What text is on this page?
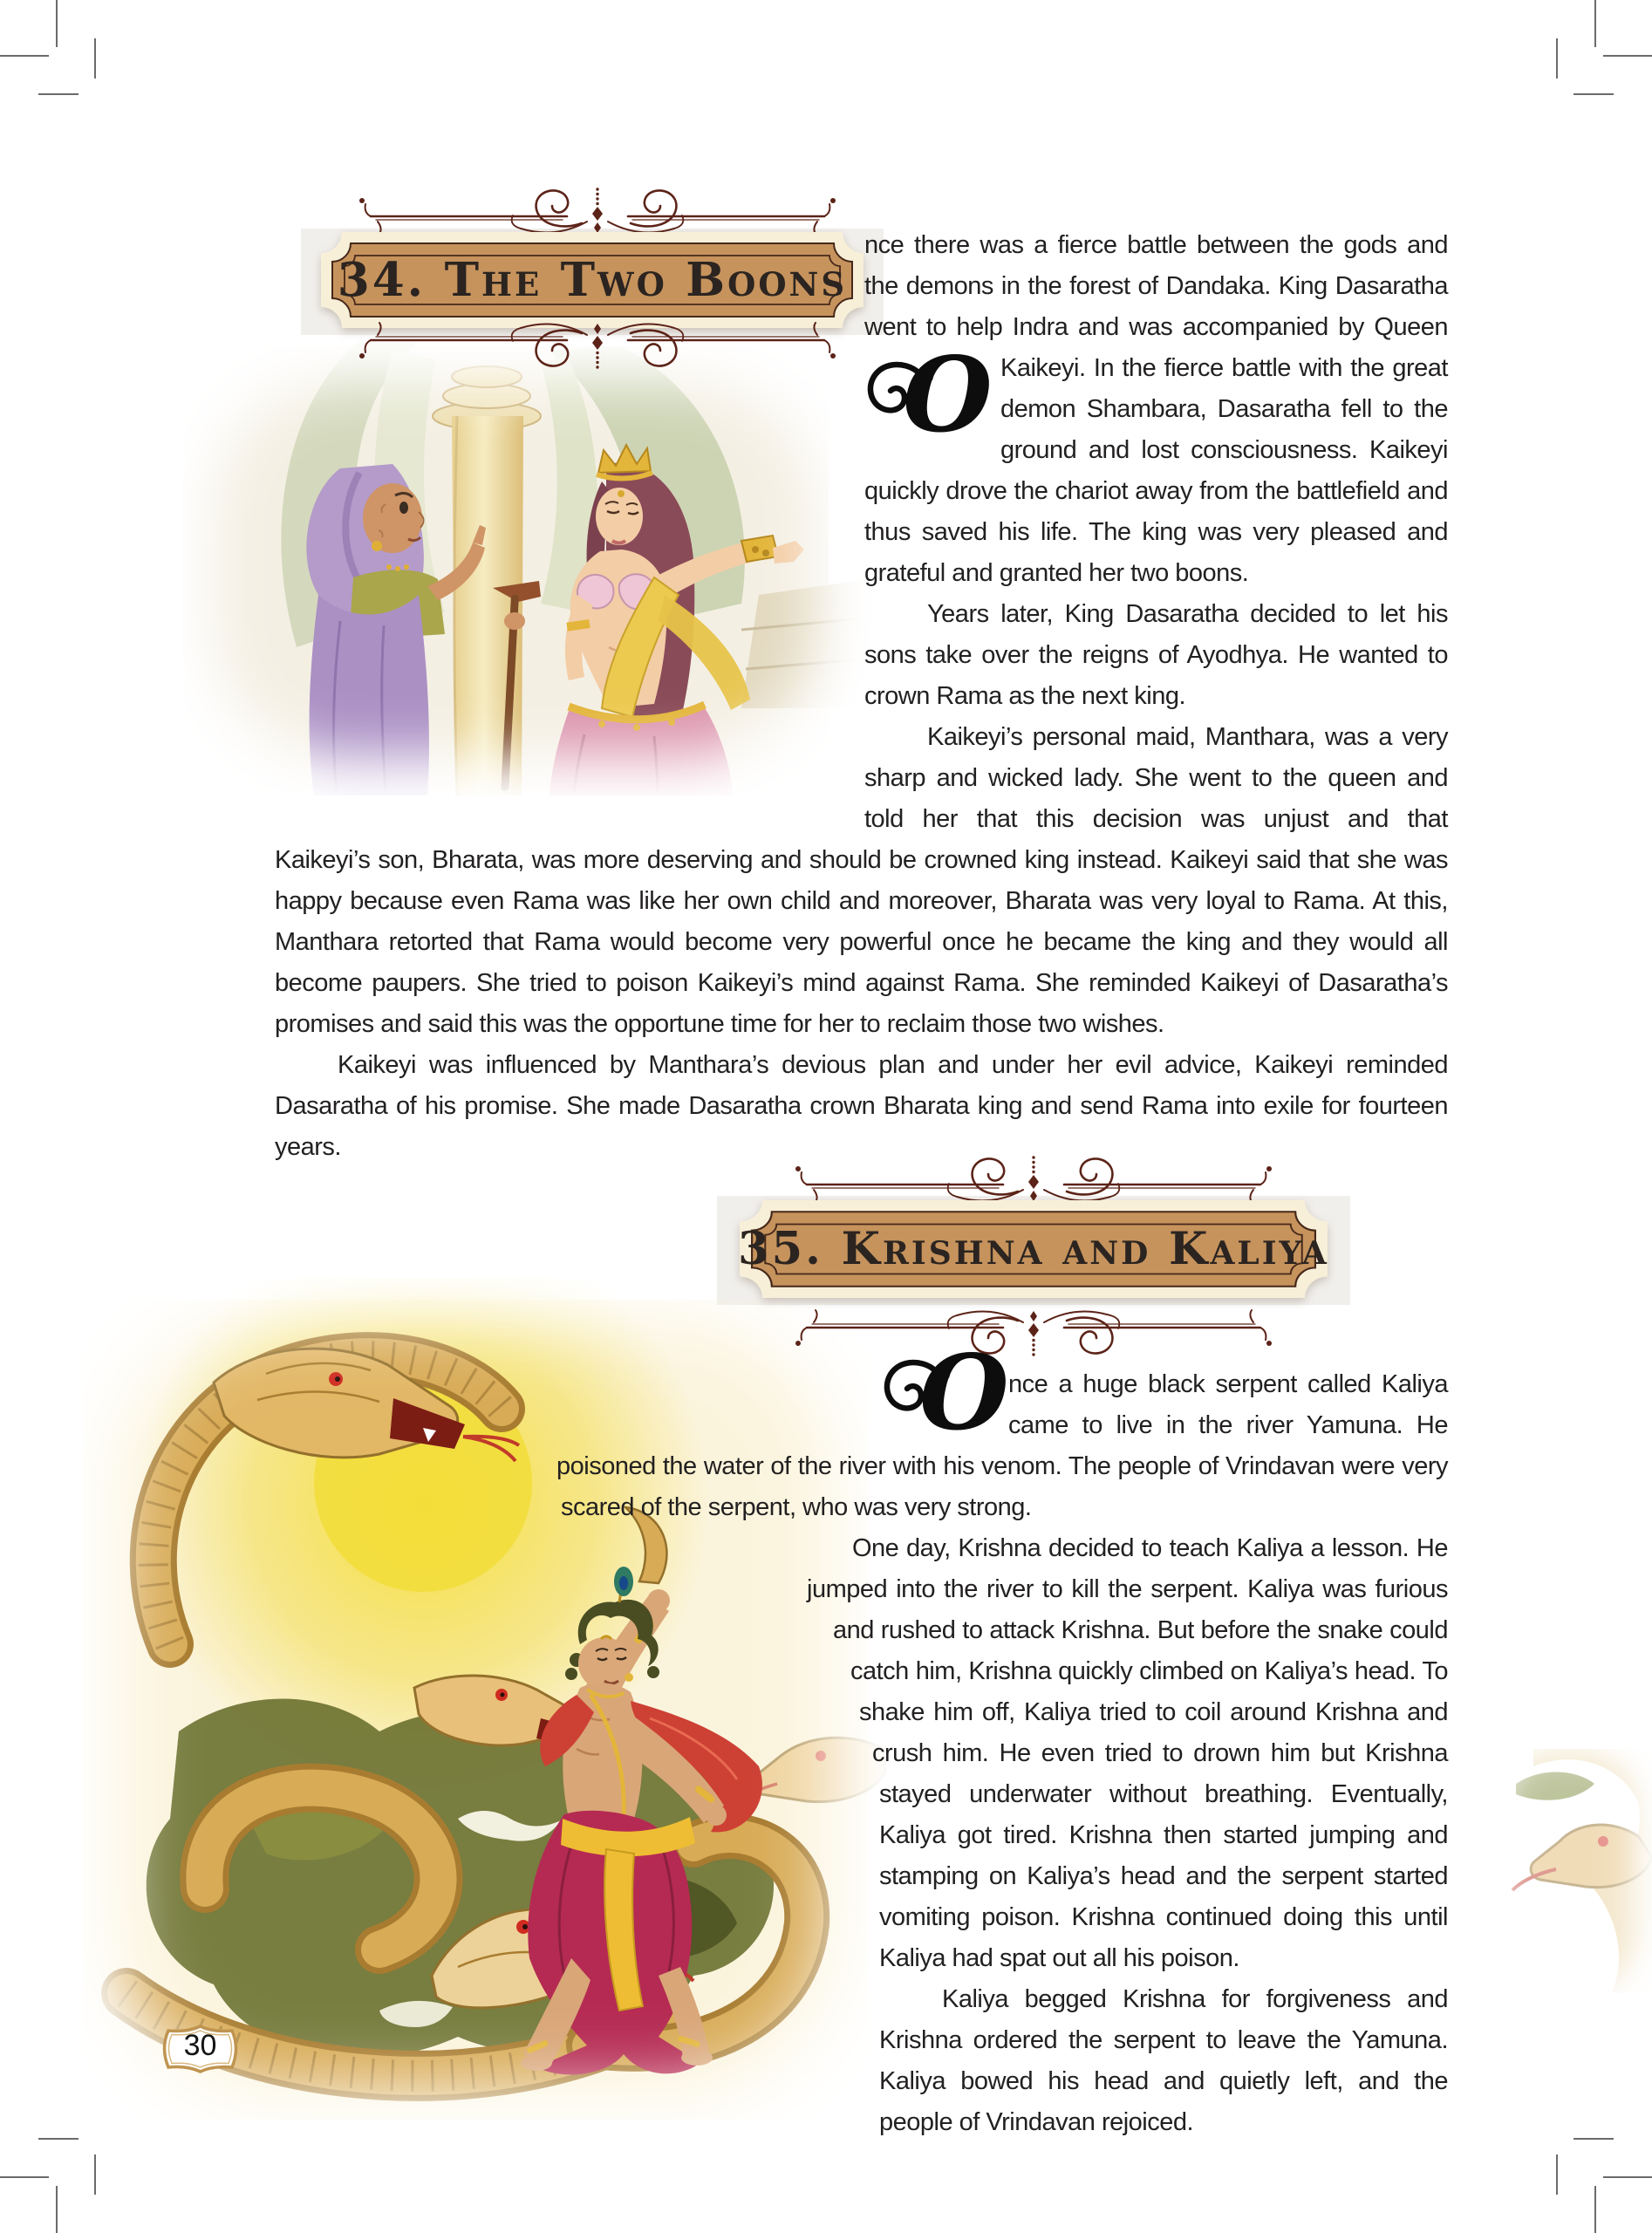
34. The Two Boons

O
nce there was a fierce battle between the gods and the demons in the forest of Dandaka. King Dasaratha went to help Indra and was accompanied by Queen Kaikeyi. In the fierce battle with the great demon Shambara, Dasaratha fell to the ground and lost consciousness. Kaikeyi quickly drove the chariot away from the battlefield and thus saved his life. The king was very pleased and grateful and granted her two boons.

Years later, King Dasaratha decided to let his sons take over the reigns of Ayodhya. He wanted to crown Rama as the next king.

Kaikeyi’s personal maid, Manthara, was a very sharp and wicked lady. She went to the queen and told her that this decision was unjust and that Kaikeyi’s son, Bharata, was more deserving and should be crowned king instead. Kaikeyi said that she was happy because even Rama was like her own child and moreover, Bharata was very loyal to Rama. At this, Manthara retorted that Rama would become very powerful once he became the king and they would all become paupers. She tried to poison Kaikeyi’s mind against Rama. She reminded Kaikeyi of Dasaratha’s promises and said this was the opportune time for her to reclaim those two wishes.

Kaikeyi was influenced by Manthara’s devious plan and under her evil advice, Kaikeyi reminded Dasaratha of his promise. She made Dasaratha crown Bharata king and send Rama into exile for fourteen years.

35. Krishna and Kaliya

O nce a huge black serpent called Kaliya came to live in the river Yamuna. He poisoned the water of the river with his venom. The people of Vrindavan were very scared of the serpent, who was very strong.

One day, Krishna decided to teach Kaliya a lesson. He jumped into the river to kill the serpent. Kaliya was furious and rushed to attack Krishna. But before the snake could catch him, Krishna quickly climbed on Kaliya’s head. To shake him off, Kaliya tried to coil around Krishna and crush him. He even tried to drown him but Krishna stayed underwater without breathing. Eventually, Kaliya got tired. Krishna then started jumping and stamping on Kaliya’s head and the serpent started vomiting poison. Krishna continued doing this until Kaliya had spat out all his poison.

Kaliya begged Krishna for forgiveness and Krishna ordered the serpent to leave the Yamuna. Kaliya bowed his head and quietly left, and the people of Vrindavan rejoiced.

30
